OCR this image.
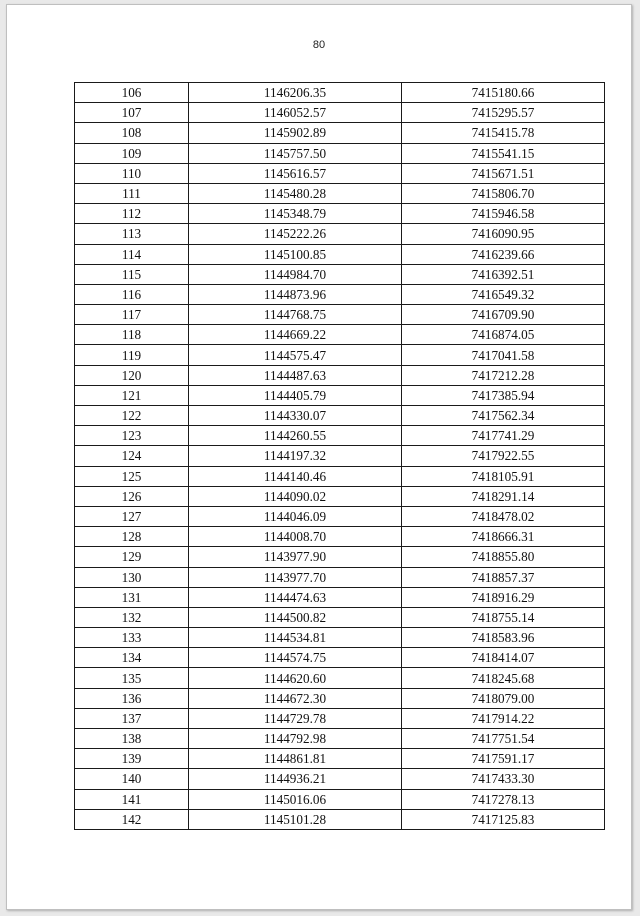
80
106	1146206.35	7415180.66
107	1146052.57	7415295.57
108	1145902.89	7415415.78
109	1145757.50	7415541.15
110	1145616.57	7415671.51
111	1145480.28	7415806.70
112	1145348.79	7415946.58
113	1145222.26	7416090.95
114	1145100.85	7416239.66
115	1144984.70	7416392.51
116	1144873.96	7416549.32
117	1144768.75	7416709.90
118	1144669.22	7416874.05
119	1144575.47	7417041.58
120	1144487.63	7417212.28
121	1144405.79	7417385.94
122	1144330.07	7417562.34
123	1144260.55	7417741.29
124	1144197.32	7417922.55
125	1144140.46	7418105.91
126	1144090.02	7418291.14
127	1144046.09	7418478.02
128	1144008.70	7418666.31
129	1143977.90	7418855.80
130	1143977.70	7418857.37
131	1144474.63	7418916.29
132	1144500.82	7418755.14
133	1144534.81	7418583.96
134	1144574.75	7418414.07
135	1144620.60	7418245.68
136	1144672.30	7418079.00
137	1144729.78	7417914.22
138	1144792.98	7417751.54
139	1144861.81	7417591.17
140	1144936.21	7417433.30
141	1145016.06	7417278.13
142	1145101.28	7417125.83
